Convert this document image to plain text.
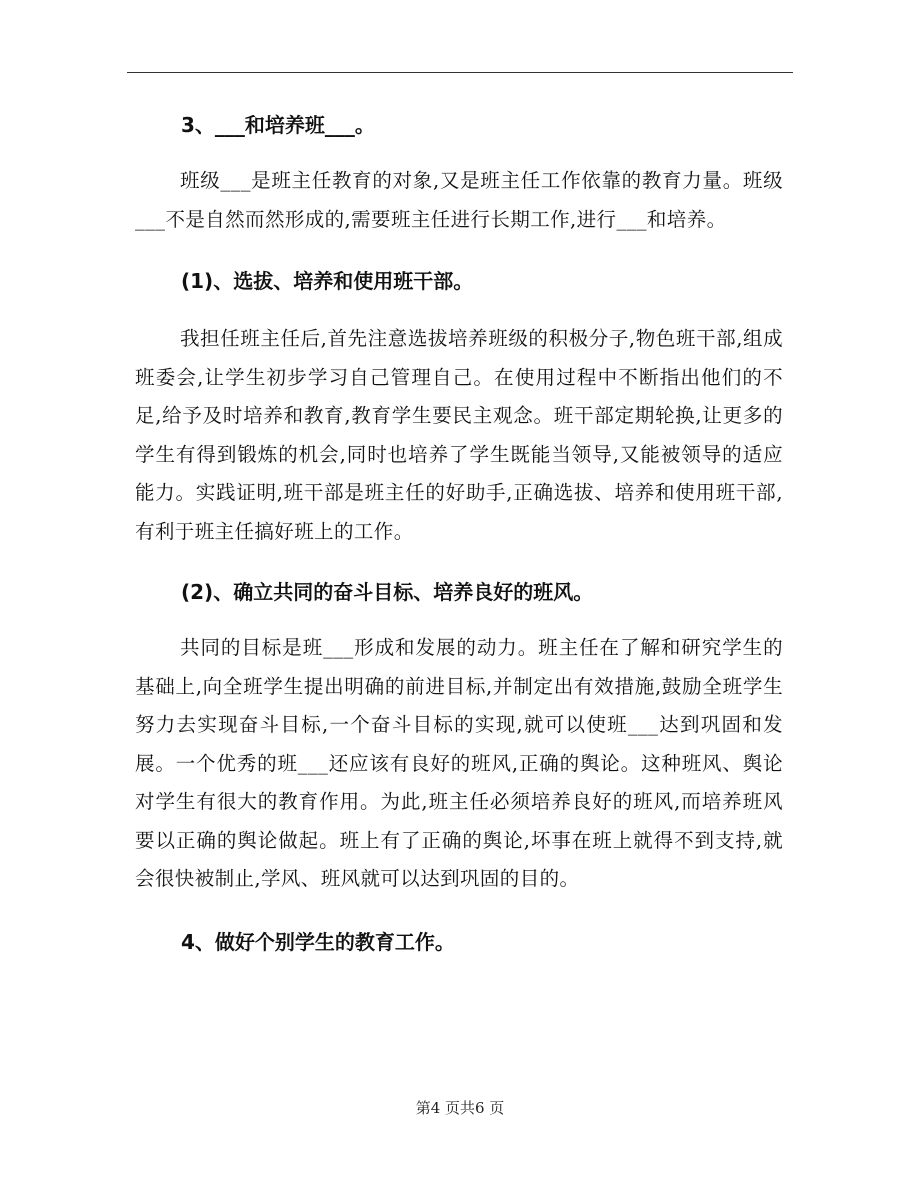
3、___和培养班___。

班级___是班主任教育的对象,又是班主任工作依靠的教育力量。班级___不是自然而然形成的,需要班主任进行长期工作,进行___和培养。

(1)、选拔、培养和使用班干部。

我担任班主任后,首先注意选拔培养班级的积极分子,物色班干部,组成班委会,让学生初步学习自己管理自己。在使用过程中不断指出他们的不足,给予及时培养和教育,教育学生要民主观念。班干部定期轮换,让更多的学生有得到锻炼的机会,同时也培养了学生既能当领导,又能被领导的适应能力。实践证明,班干部是班主任的好助手,正确选拔、培养和使用班干部,有利于班主任搞好班上的工作。

(2)、确立共同的奋斗目标、培养良好的班风。

共同的目标是班___形成和发展的动力。班主任在了解和研究学生的基础上,向全班学生提出明确的前进目标,并制定出有效措施,鼓励全班学生努力去实现奋斗目标,一个奋斗目标的实现,就可以使班___达到巩固和发展。一个优秀的班___还应该有良好的班风,正确的舆论。这种班风、舆论对学生有很大的教育作用。为此,班主任必须培养良好的班风,而培养班风要以正确的舆论做起。班上有了正确的舆论,坏事在班上就得不到支持,就会很快被制止,学风、班风就可以达到巩固的目的。

4、做好个别学生的教育工作。

第4 页共6 页
